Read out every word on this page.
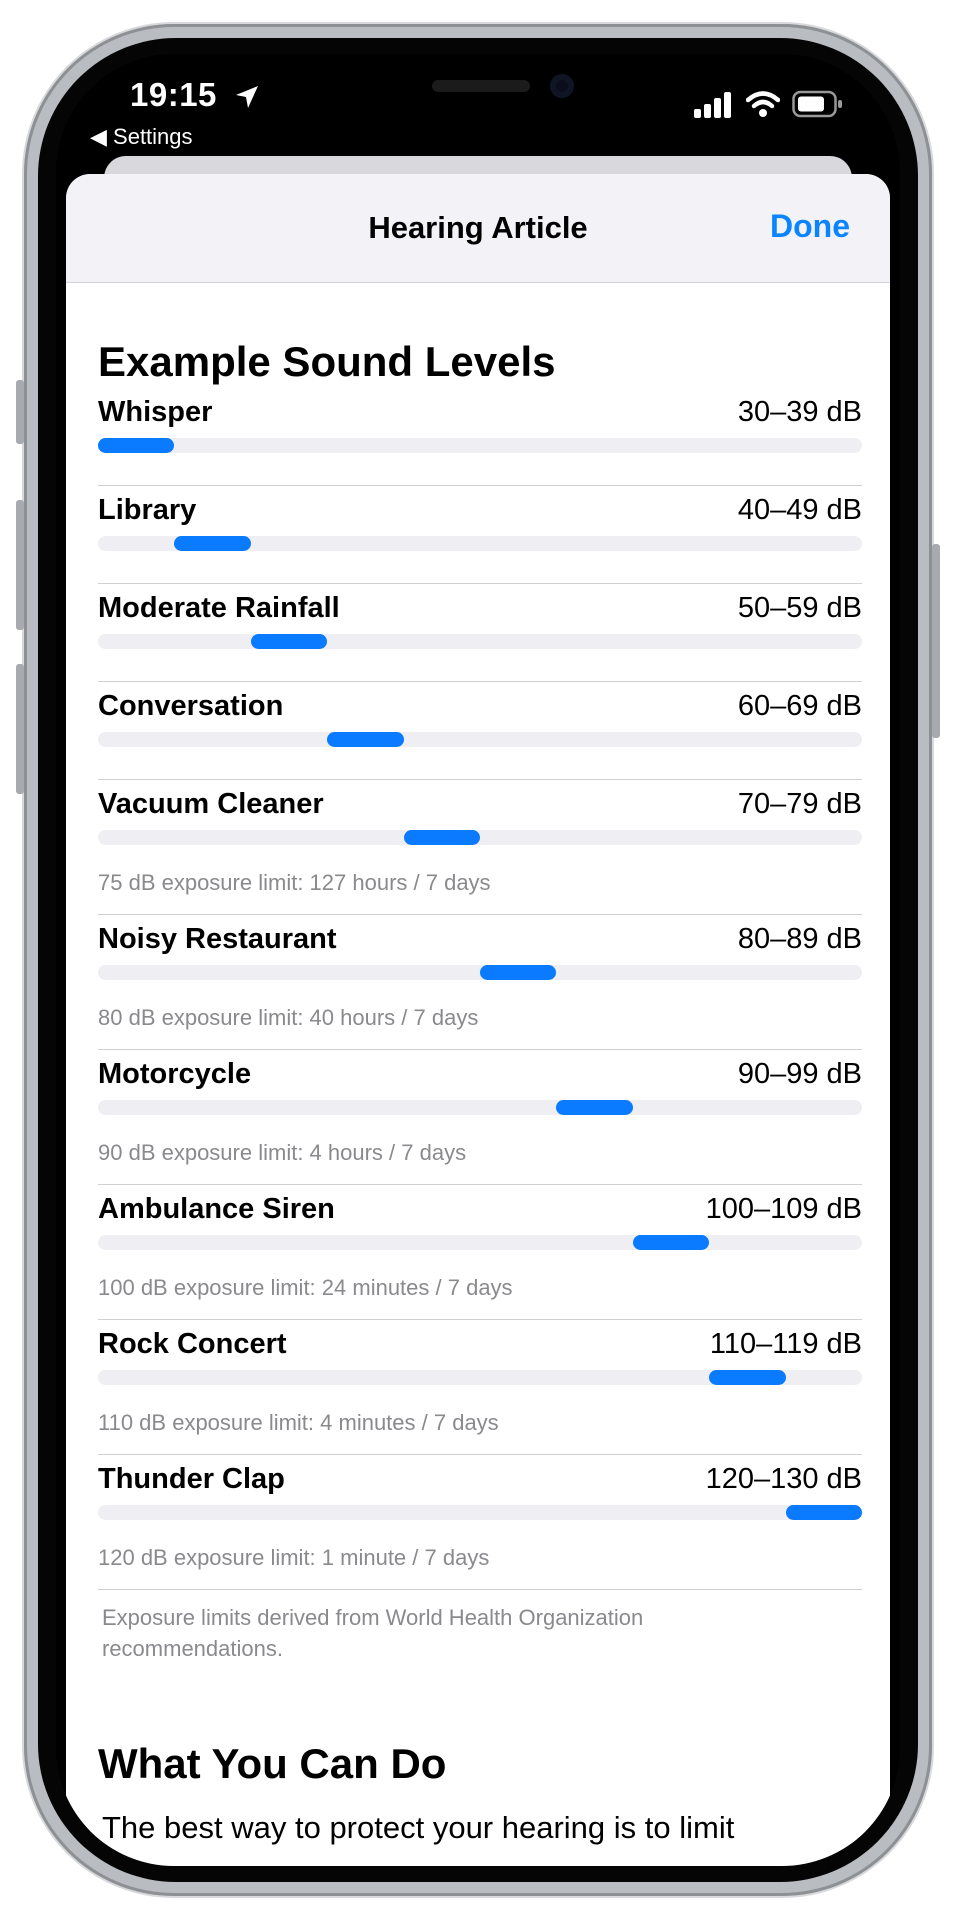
19:15
◀ Settings
Hearing Article	Done
Example Sound Levels
Whisper	30–39 dB
Library	40–49 dB
Moderate Rainfall	50–59 dB
Conversation	60–69 dB
Vacuum Cleaner	70–79 dB
75 dB exposure limit: 127 hours / 7 days
Noisy Restaurant	80–89 dB
80 dB exposure limit: 40 hours / 7 days
Motorcycle	90–99 dB
90 dB exposure limit: 4 hours / 7 days
Ambulance Siren	100–109 dB
100 dB exposure limit: 24 minutes / 7 days
Rock Concert	110–119 dB
110 dB exposure limit: 4 minutes / 7 days
Thunder Clap	120–130 dB
120 dB exposure limit: 1 minute / 7 days
Exposure limits derived from World Health Organization recommendations.
What You Can Do
The best way to protect your hearing is to limit
